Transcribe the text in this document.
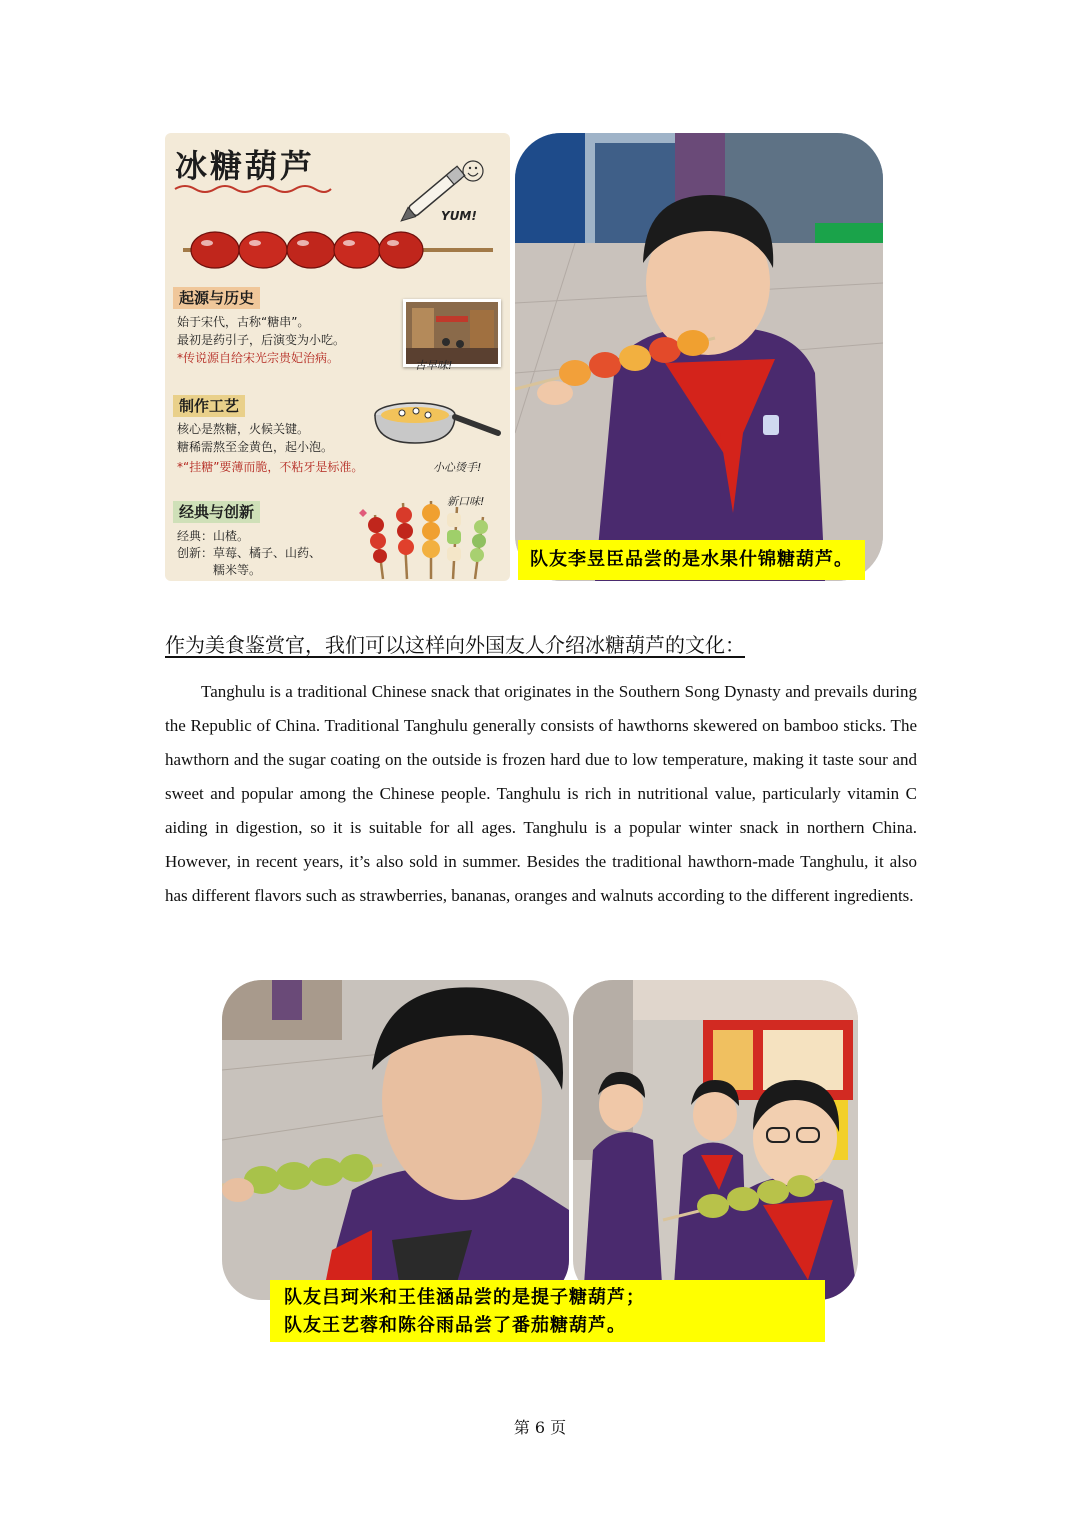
冰糖葫芦
YUM!
起源与历史
始于宋代，古称“糖串”。
最初是药引子，后演变为小吃。
*传说源自给宋光宗贵妃治病。
古早味!
制作工艺
核心是熬糖，火候关键。
糖稀需熬至金黄色，起小泡。
*“挂糖”要薄而脆，不粘牙是标准。	小心烫手!
经典与创新
经典：山楂。
创新：草莓、橘子、山药、
　　　糯米等。
新口味!
队友李昱臣品尝的是水果什锦糖葫芦。
作为美食鉴赏官，我们可以这样向外国友人介绍冰糖葫芦的文化：
Tanghulu is a traditional Chinese snack that originates in the Southern Song Dynasty and prevails during the Republic of China. Traditional Tanghulu generally consists of hawthorns skewered on bamboo sticks. The hawthorn and the sugar coating on the outside is frozen hard due to low temperature, making it taste sour and sweet and popular among the Chinese people. Tanghulu is rich in nutritional value, particularly vitamin C aiding in digestion, so it is suitable for all ages. Tanghulu is a popular winter snack in northern China. However, in recent years, it’s also sold in summer. Besides the traditional hawthorn-made Tanghulu, it also has different flavors such as strawberries, bananas, oranges and walnuts according to the different ingredients.
队友吕珂米和王佳涵品尝的是提子糖葫芦；
队友王艺蓉和陈谷雨品尝了番茄糖葫芦。
第 6 页
